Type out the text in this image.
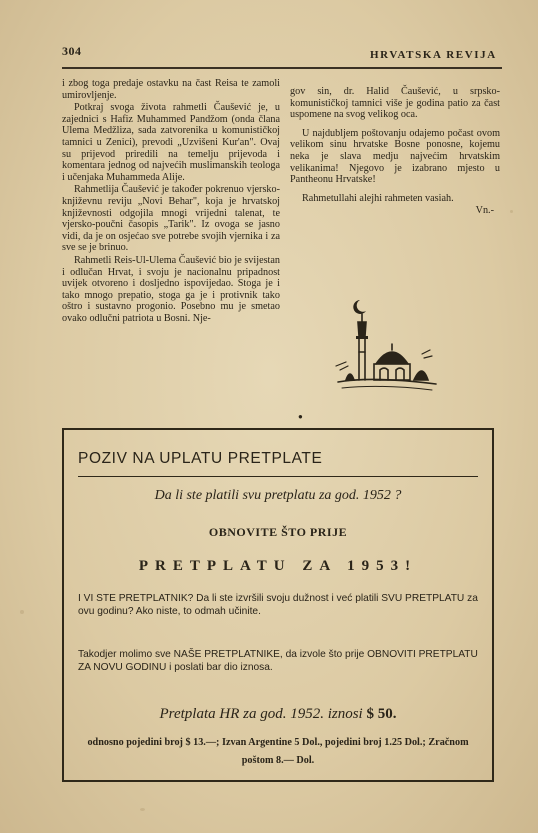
304	HRVATSKA REVIJA

i zbog toga predaje ostavku na čast Reisa te zamoli umirovljenje.

Potkraj svoga života rahmetli Čaušević je, u zajednici s Hafiz Muhammed Pandžom (onda člana Ulema Medžliza, sada zatvorenika u komunističkoj tamnici u Zenici), prevodi „Uzvišeni Kur'an". Ovaj su prijevod priredili na temelju prijevoda i komentara jednog od najvećih muslimanskih teologa i učenjaka Muhammeda Alije.

Rahmetlija Čaušević je također pokrenuo vjersko-književnu reviju „Novi Behar", koja je hrvatskoj književnosti odgojila mnogi vrijedni talenat, te vjersko-poučni časopis „Tarik". Iz ovoga se jasno vidi, da je on osjećao sve potrebe svojih vjernika i za sve se je brinuo.

Rahmetli Reis-Ul-Ulema Čaušević bio je svijestan i odlučan Hrvat, i svoju je nacionalnu pripadnost uvijek otvoreno i dosljedno ispovijedao. Stoga je i tako mnogo prepatio, stoga ga je i protivnik tako oštro i sustavno progonio. Posebno mu je smetao ovako odlučni patriota u Bosni. Nje-

gov sin, dr. Halid Čaušević, u srpsko-komunističkoj tamnici više je godina patio za čast uspomene na svog velikog oca.

U najdubljem poštovanju odajemo počast ovom velikom sinu hrvatske Bosne ponosne, kojemu neka je slava medju najvećim hrvatskim velikanima! Njegovo je izabrano mjesto u Pantheonu Hrvatske!

Rahmetullahi alejhi rahmeten vasiah.

Vn.-

●
POZIV NA UPLATU PRETPLATE
Da li ste platili svu pretplatu za god. 1952 ?
OBNOVITE ŠTO PRIJE
PRETPLATU ZA 1953!
I VI STE PRETPLATNIK? Da li ste izvršili svoju dužnost i već platili SVU PRETPLATU za ovu godinu? Ako niste, to odmah učinite.
Takodjer molimo sve NAŠE PRETPLATNIKE, da izvole što prije OBNOVITI PRETPLATU ZA NOVU GODINU i poslati bar dio iznosa.
Pretplata HR za god. 1952. iznosi $ 50.
odnosno pojedini broj $ 13.—; Izvan Argentine 5 Dol., pojedini broj 1.25 Dol.; Zračnom poštom 8.— Dol.
